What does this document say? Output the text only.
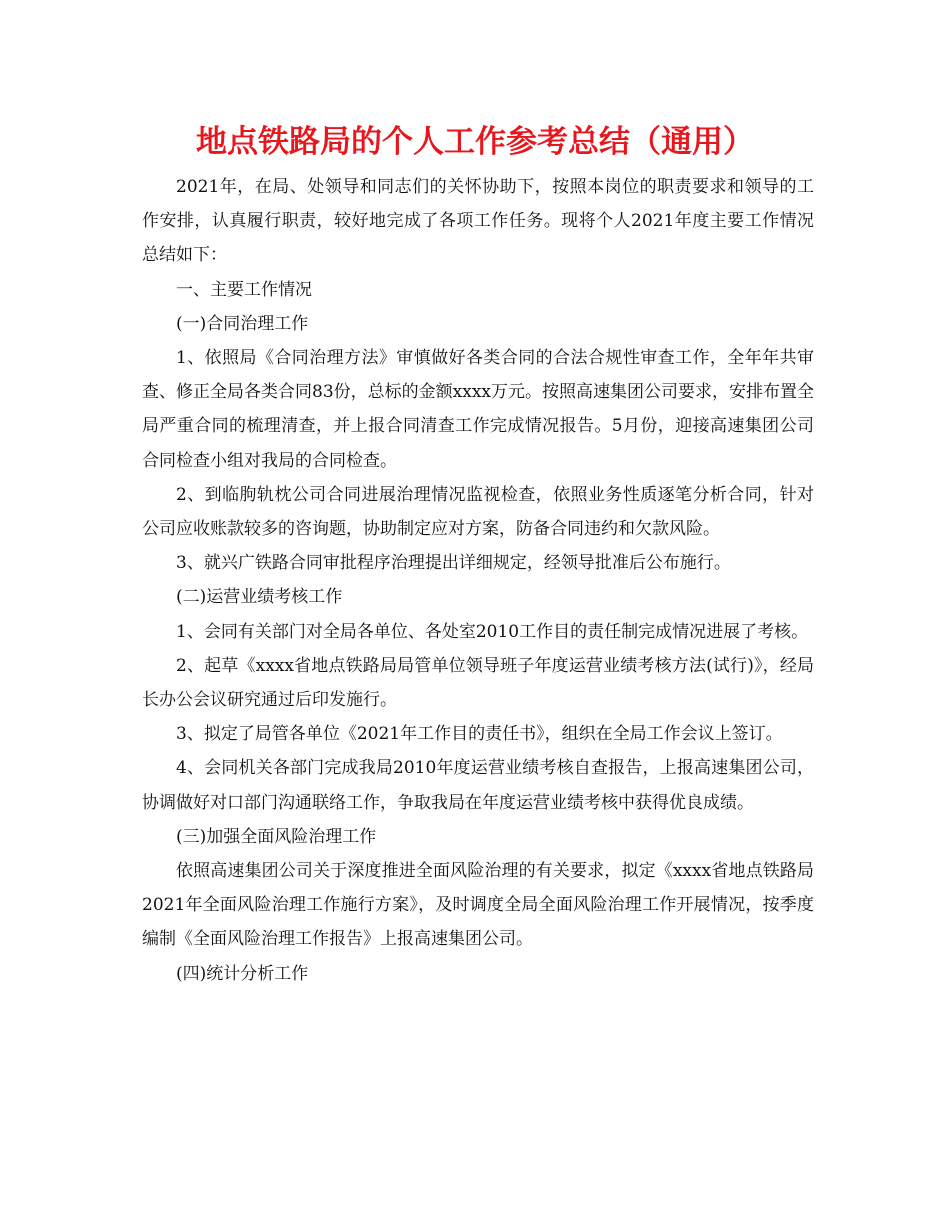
地点铁路局的个人工作参考总结（通用）

2021年，在局、处领导和同志们的关怀协助下，按照本岗位的职责要求和领导的工作安排，认真履行职责，较好地完成了各项工作任务。现将个人2021年度主要工作情况总结如下：

一、主要工作情况

(一)合同治理工作

1、依照局《合同治理方法》审慎做好各类合同的合法合规性审查工作，全年年共审查、修正全局各类合同83份，总标的金额xxxx万元。按照高速集团公司要求，安排布置全局严重合同的梳理清查，并上报合同清查工作完成情况报告。5月份，迎接高速集团公司合同检查小组对我局的合同检查。

2、到临朐轨枕公司合同进展治理情况监视检查，依照业务性质逐笔分析合同，针对公司应收账款较多的咨询题，协助制定应对方案，防备合同违约和欠款风险。

3、就兴广铁路合同审批程序治理提出详细规定，经领导批准后公布施行。

(二)运营业绩考核工作

1、会同有关部门对全局各单位、各处室2010工作目的责任制完成情况进展了考核。

2、起草《xxxx省地点铁路局局管单位领导班子年度运营业绩考核方法(试行)》，经局长办公会议研究通过后印发施行。

3、拟定了局管各单位《2021年工作目的责任书》，组织在全局工作会议上签订。

4、会同机关各部门完成我局2010年度运营业绩考核自查报告，上报高速集团公司，协调做好对口部门沟通联络工作，争取我局在年度运营业绩考核中获得优良成绩。

(三)加强全面风险治理工作

依照高速集团公司关于深度推进全面风险治理的有关要求，拟定《xxxx省地点铁路局2021年全面风险治理工作施行方案》，及时调度全局全面风险治理工作开展情况，按季度编制《全面风险治理工作报告》上报高速集团公司。

(四)统计分析工作
